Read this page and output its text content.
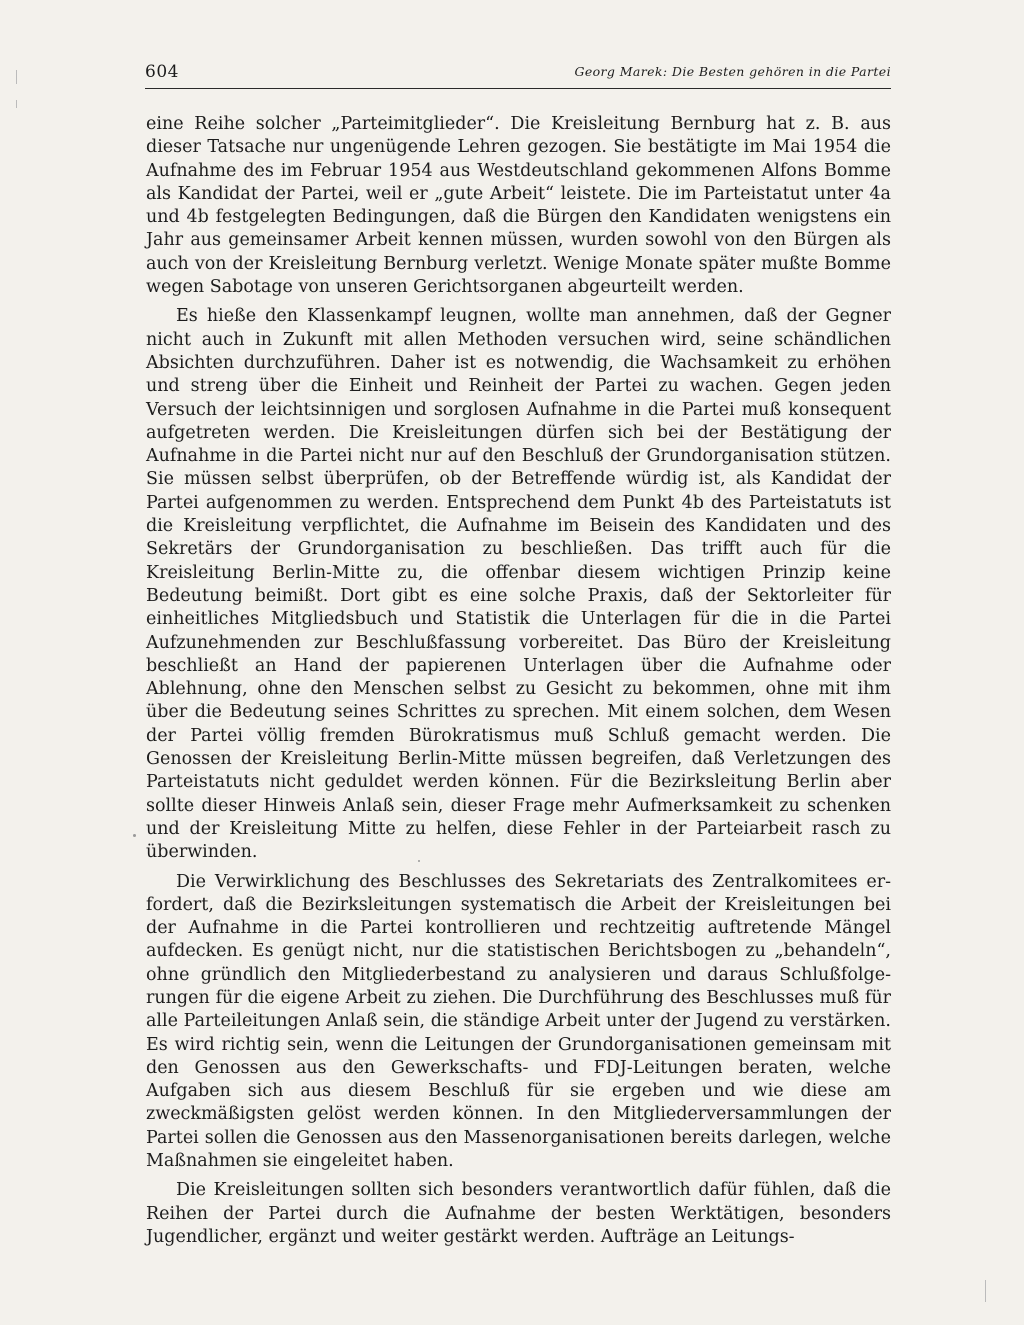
604	Georg Marek: Die Besten gehören in die Partei

eine Reihe solcher „Parteimitglieder“. Die Kreisleitung Bernburg hat z. B. aus dieser Tatsache nur ungenügende Lehren gezogen. Sie bestätigte im Mai 1954 die Aufnahme des im Februar 1954 aus Westdeutschland gekommenen Alfons Bomme als Kandidat der Partei, weil er „gute Arbeit“ leistete. Die im Parteistatut unter 4a und 4b festgelegten Bedingungen, daß die Bürgen den Kandidaten wenigstens ein Jahr aus gemeinsamer Arbeit kennen müssen, wurden sowohl von den Bürgen als auch von der Kreisleitung Bernburg verletzt. Wenige Monate später mußte Bomme wegen Sabotage von unseren Gerichtsorganen abgeurteilt werden.

Es hieße den Klassenkampf leugnen, wollte man annehmen, daß der Gegner nicht auch in Zukunft mit allen Methoden versuchen wird, seine schändlichen Absichten durchzuführen. Daher ist es notwendig, die Wachsamkeit zu erhöhen und streng über die Einheit und Reinheit der Partei zu wachen. Gegen jeden Versuch der leichtsinnigen und sorglosen Aufnahme in die Partei muß konsequent aufgetreten werden. Die Kreisleitungen dürfen sich bei der Bestätigung der Aufnahme in die Partei nicht nur auf den Beschluß der Grundorganisation stützen. Sie müssen selbst überprüfen, ob der Betreffende würdig ist, als Kandidat der Partei aufgenommen zu werden. Entsprechend dem Punkt 4b des Parteistatuts ist die Kreisleitung verpflichtet, die Aufnahme im Beisein des Kandidaten und des Sekretärs der Grundorganisation zu beschließen. Das trifft auch für die Kreisleitung Berlin-Mitte zu, die offenbar diesem wichtigen Prinzip keine Bedeutung beimißt. Dort gibt es eine solche Praxis, daß der Sektorleiter für einheitliches Mitgliedsbuch und Statistik die Unterlagen für die in die Partei Aufzunehmenden zur Beschlußfassung vorbereitet. Das Büro der Kreisleitung beschließt an Hand der papierenen Unterlagen über die Aufnahme oder Ablehnung, ohne den Menschen selbst zu Gesicht zu bekommen, ohne mit ihm über die Bedeutung seines Schrittes zu sprechen. Mit einem solchen, dem Wesen der Partei völlig fremden Bürokratismus muß Schluß gemacht werden. Die Genossen der Kreisleitung Berlin-Mitte müssen begreifen, daß Verletzungen des Parteistatuts nicht geduldet werden können. Für die Bezirksleitung Berlin aber sollte dieser Hinweis Anlaß sein, dieser Frage mehr Aufmerksamkeit zu schenken und der Kreisleitung Mitte zu helfen, diese Fehler in der Parteiarbeit rasch zu überwinden.

Die Verwirklichung des Beschlusses des Sekretariats des Zentralkomitees erfordert, daß die Bezirksleitungen systematisch die Arbeit der Kreisleitungen bei der Aufnahme in die Partei kontrollieren und rechtzeitig auftretende Mängel aufdecken. Es genügt nicht, nur die statistischen Berichtsbogen zu „behandeln“, ohne gründlich den Mitgliederbestand zu analysieren und daraus Schlußfolgerungen für die eigene Arbeit zu ziehen. Die Durchführung des Beschlusses muß für alle Parteileitungen Anlaß sein, die ständige Arbeit unter der Jugend zu verstärken. Es wird richtig sein, wenn die Leitungen der Grundorganisationen gemeinsam mit den Genossen aus den Gewerkschafts- und FDJ-Leitungen beraten, welche Aufgaben sich aus diesem Beschluß für sie ergeben und wie diese am zweckmäßigsten gelöst werden können. In den Mitgliederversammlungen der Partei sollen die Genossen aus den Massenorganisationen bereits darlegen, welche Maßnahmen sie eingeleitet haben.

Die Kreisleitungen sollten sich besonders verantwortlich dafür fühlen, daß die Reihen der Partei durch die Aufnahme der besten Werktätigen, besonders Jugendlicher, ergänzt und weiter gestärkt werden. Aufträge an Leitungs-
